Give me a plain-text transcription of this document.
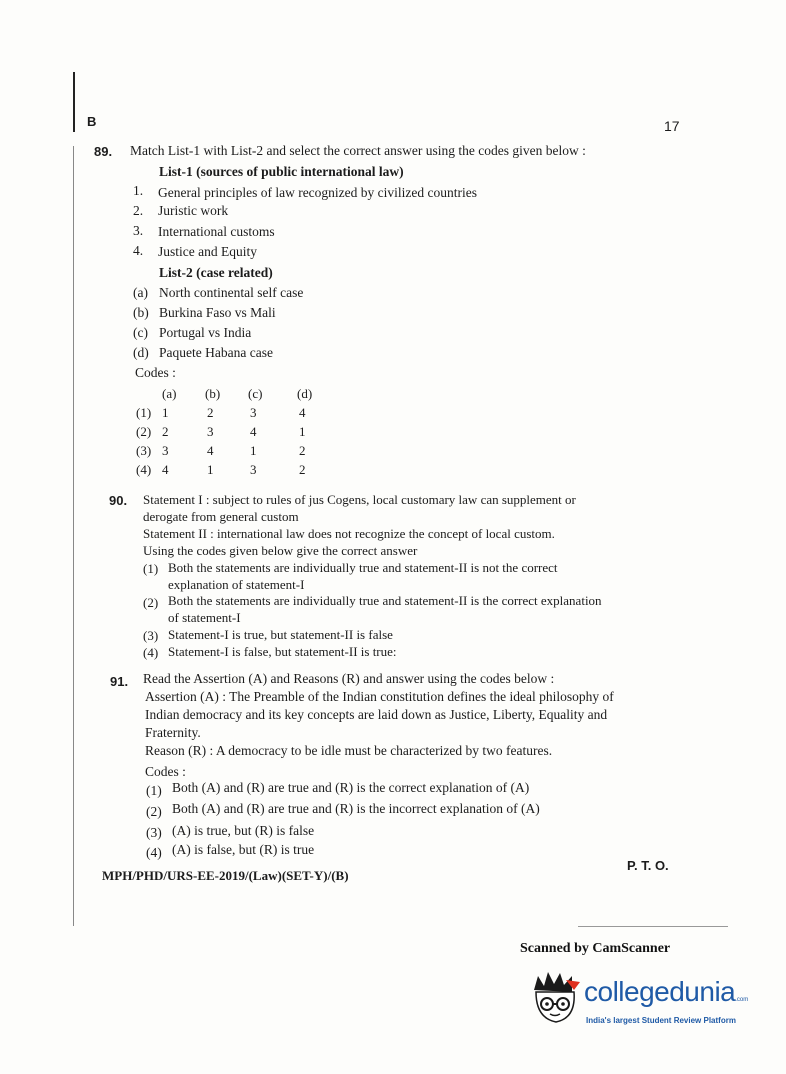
B	17
89. Match List-1 with List-2 and select the correct answer using the codes given below :
List-1 (sources of public international law)
1. General principles of law recognized by civilized countries
2. Juristic work
3. International customs
4. Justice and Equity
List-2 (case related)
(a) North continental self case
(b) Burkina Faso vs Mali
(c) Portugal vs India
(d) Paquete Habana case
Codes :
(a) (b) (c)	(d)
(1) 1	2	3	4
(2) 2	3	4	1
(3) 3	4	1	2
(4) 4	1	3	2
90. Statement I : subject to rules of jus Cogens, local customary law can supplement or
derogate from general custom
Statement II : international law does not recognize the concept of local custom.
Using the codes given below give the correct answer
(1) Both the statements are individually true and statement-II is not the correct
explanation of statement-I
(2) Both the statements are individually true and statement-II is the correct explanation
of statement-I
(3) Statement-I is true, but statement-II is false
(4) Statement-I is false, but statement-II is true:
91. Read the Assertion (A) and Reasons (R) and answer using the codes below :
Assertion (A) : The Preamble of the Indian constitution defines the ideal philosophy of
Indian democracy and its key concepts are laid down as Justice, Liberty, Equality and
Fraternity.
Reason (R) : A democracy to be idle must be characterized by two features.
Codes :
(1) Both (A) and (R) are true and (R) is the correct explanation of (A)
(2) Both (A) and (R) are true and (R) is the incorrect explanation of (A)
(3) (A) is true, but (R) is false
(4) (A) is false, but (R) is true
MPH/PHD/URS-EE-2019/(Law)(SET-Y)/(B)
P. T. O.
Scanned by CamScanner
collegedunia.com
India's largest Student Review Platform
